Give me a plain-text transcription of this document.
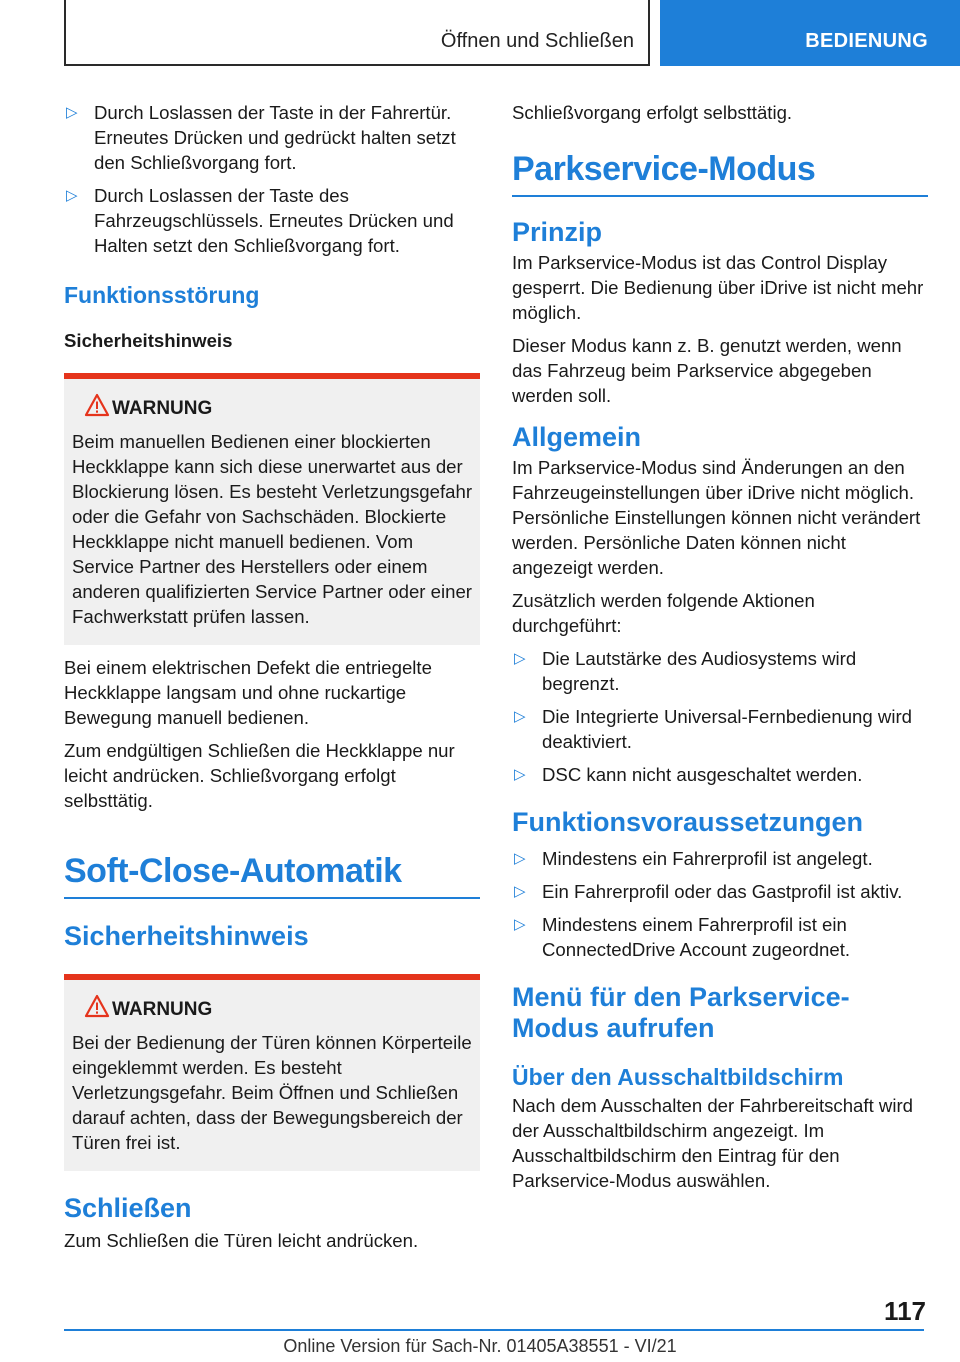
Öffnen und Schließen	BEDIENUNG
▷ Durch Loslassen der Taste in der Fahrertür. Erneutes Drücken und gedrückt halten setzt den Schließvorgang fort.
▷ Durch Loslassen der Taste des Fahrzeugschlüssels. Erneutes Drücken und Halten setzt den Schließvorgang fort.
Funktionsstörung
Sicherheitshinweis
WARNUNG

Beim manuellen Bedienen einer blockierten Heckklappe kann sich diese unerwartet aus der Blockierung lösen. Es besteht Verletzungsgefahr oder die Gefahr von Sachschäden. Blockierte Heckklappe nicht manuell bedienen. Vom Service Partner des Herstellers oder einem anderen qualifizierten Service Partner oder einer Fachwerkstatt prüfen lassen.

Bei einem elektrischen Defekt die entriegelte Heckklappe langsam und ohne ruckartige Bewegung manuell bedienen.

Zum endgültigen Schließen die Heckklappe nur leicht andrücken. Schließvorgang erfolgt selbsttätig.

Soft-Close-Automatik
Sicherheitshinweis
WARNUNG

Bei der Bedienung der Türen können Körperteile eingeklemmt werden. Es besteht Verletzungsgefahr. Beim Öffnen und Schließen darauf achten, dass der Bewegungsbereich der Türen frei ist.

Schließen

Zum Schließen die Türen leicht andrücken.

Schließvorgang erfolgt selbsttätig.

Parkservice-Modus
Prinzip

Im Parkservice-Modus ist das Control Display gesperrt. Die Bedienung über iDrive ist nicht mehr möglich.

Dieser Modus kann z. B. genutzt werden, wenn das Fahrzeug beim Parkservice abgegeben werden soll.

Allgemein

Im Parkservice-Modus sind Änderungen an den Fahrzeugeinstellungen über iDrive nicht möglich. Persönliche Einstellungen können nicht verändert werden. Persönliche Daten können nicht angezeigt werden.

Zusätzlich werden folgende Aktionen durchgeführt:

▷ Die Lautstärke des Audiosystems wird begrenzt.
▷ Die Integrierte Universal-Fernbedienung wird deaktiviert.
▷ DSC kann nicht ausgeschaltet werden.
Funktionsvoraussetzungen
▷ Mindestens ein Fahrerprofil ist angelegt.
▷ Ein Fahrerprofil oder das Gastprofil ist aktiv.
▷ Mindestens einem Fahrerprofil ist ein ConnectedDrive Account zugeordnet.
Menü für den Parkservice-Modus aufrufen
Über den Ausschaltbildschirm

Nach dem Ausschalten der Fahrbereitschaft wird der Ausschaltbildschirm angezeigt. Im Ausschaltbildschirm den Eintrag für den Parkservice-Modus auswählen.

117
Online Version für Sach-Nr. 01405A38551 - VI/21
